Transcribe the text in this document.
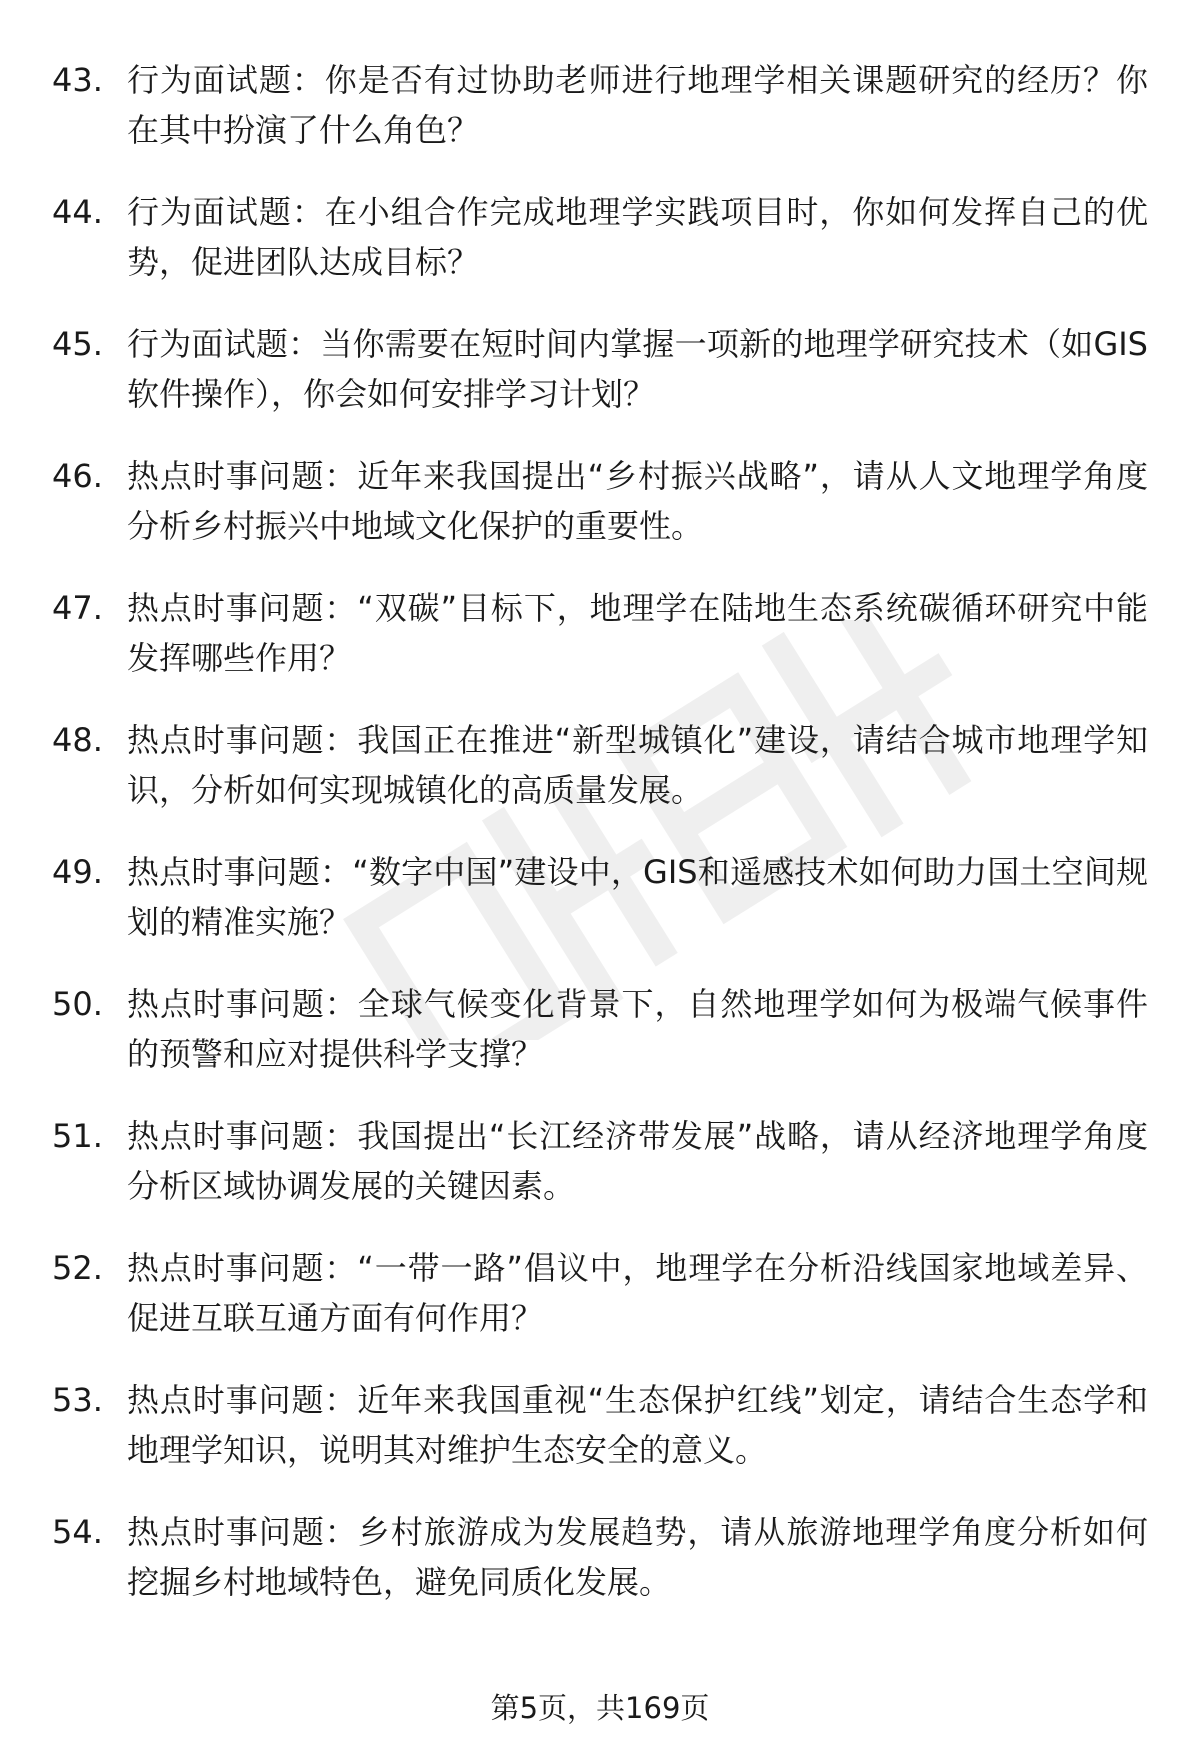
43. 行为面试题：你是否有过协助老师进行地理学相关课题研究的经历？你在其中扮演了什么角色？
44. 行为面试题：在小组合作完成地理学实践项目时，你如何发挥自己的优势，促进团队达成目标？
45. 行为面试题：当你需要在短时间内掌握一项新的地理学研究技术（如GIS软件操作），你会如何安排学习计划？
46. 热点时事问题：近年来我国提出“乡村振兴战略”，请从人文地理学角度分析乡村振兴中地域文化保护的重要性。
47. 热点时事问题：“双碳”目标下，地理学在陆地生态系统碳循环研究中能发挥哪些作用？
48. 热点时事问题：我国正在推进“新型城镇化”建设，请结合城市地理学知识，分析如何实现城镇化的高质量发展。
49. 热点时事问题：“数字中国”建设中，GIS和遥感技术如何助力国土空间规划的精准实施？
50. 热点时事问题：全球气候变化背景下，自然地理学如何为极端气候事件的预警和应对提供科学支撑？
51. 热点时事问题：我国提出“长江经济带发展”战略，请从经济地理学角度分析区域协调发展的关键因素。
52. 热点时事问题：“一带一路”倡议中，地理学在分析沿线国家地域差异、促进互联互通方面有何作用？
53. 热点时事问题：近年来我国重视“生态保护红线”划定，请结合生态学和地理学知识，说明其对维护生态安全的意义。
54. 热点时事问题：乡村旅游成为发展趋势，请从旅游地理学角度分析如何挖掘乡村地域特色，避免同质化发展。
第5页，共169页
